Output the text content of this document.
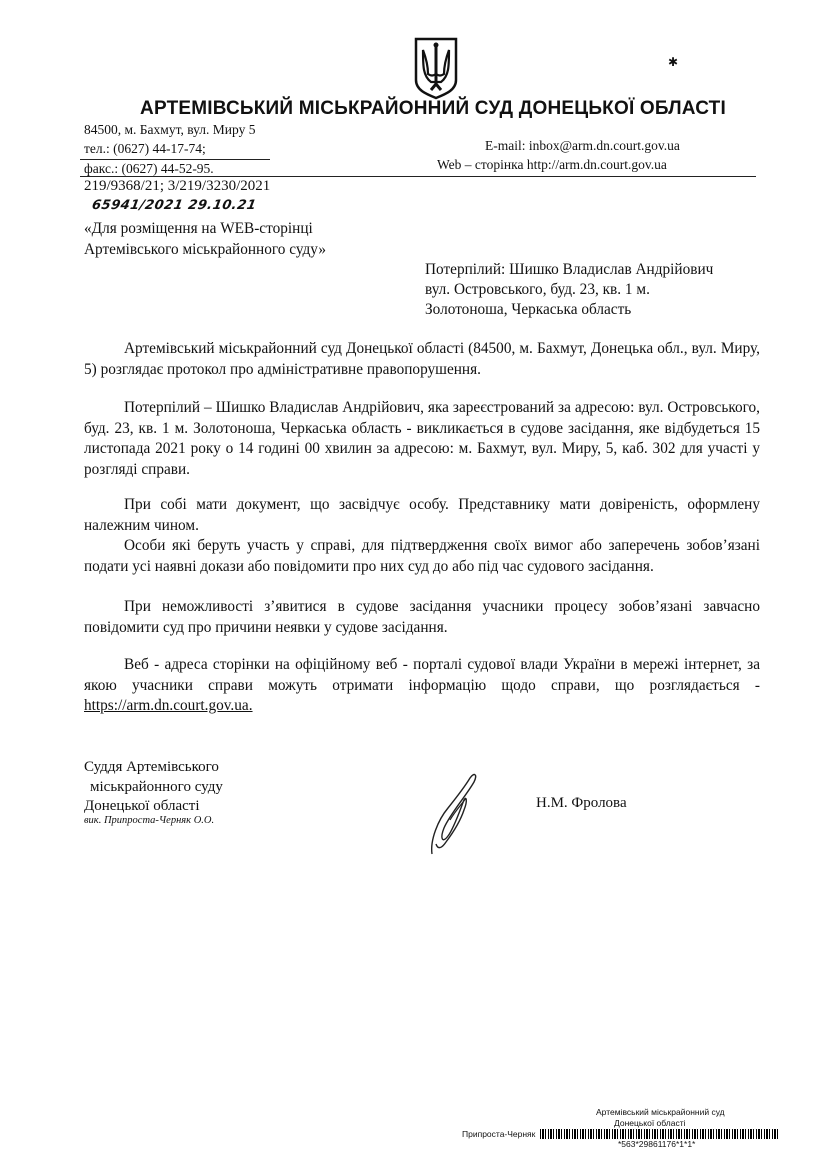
✱
АРТЕМІВСЬКИЙ МІСЬКРАЙОННИЙ СУД ДОНЕЦЬКОЇ ОБЛАСТІ
84500, м. Бахмут, вул. Миру 5
тел.: (0627) 44-17-74;
факс.: (0627) 44-52-95.
E-mail: inbox@arm.dn.court.gov.ua
Web – сторінка http://arm.dn.court.gov.ua
219/9368/21; 3/219/3230/2021
65941/2021 29.10.21
«Для розміщення на WEB-сторінці
Артемівського міськрайонного суду»
Потерпілий: Шишко Владислав Андрійович
вул. Островського, буд. 23, кв. 1 м.
Золотоноша, Черкаська область
Артемівський міськрайонний суд Донецької області (84500, м. Бахмут, Донецька обл., вул. Миру, 5) розглядає протокол про адміністративне правопорушення.
Потерпілий – Шишко Владислав Андрійович, яка зареєстрований за адресою: вул. Островського, буд. 23, кв. 1 м. Золотоноша, Черкаська область - викликається в судове засідання, яке відбудеться 15 листопада 2021 року о 14 годині 00 хвилин за адресою: м. Бахмут, вул. Миру, 5, каб. 302 для участі у розгляді справи.
При собі мати документ, що засвідчує особу. Представнику мати довіреність, оформлену належним чином.
Особи які беруть участь у справі, для підтвердження своїх вимог або заперечень зобов’язані подати усі наявні докази або повідомити про них суд до або під час судового засідання.
При неможливості з’явитися в судове засідання учасники процесу зобов’язані завчасно повідомити суд про причини неявки у судове засідання.
Веб - адреса сторінки на офіційному веб - порталі судової влади України в мережі інтернет, за якою учасники справи можуть отримати інформацію щодо справи, що розглядається - https://arm.dn.court.gov.ua.
Суддя Артемівського
міськрайонного суду
Донецької області
вик. Припроста-Черняк О.О.
Н.М. Фролова
Артемівський міськрайонний суд
Донецької області
Припроста-Черняк
*563*29861176*1*1*
